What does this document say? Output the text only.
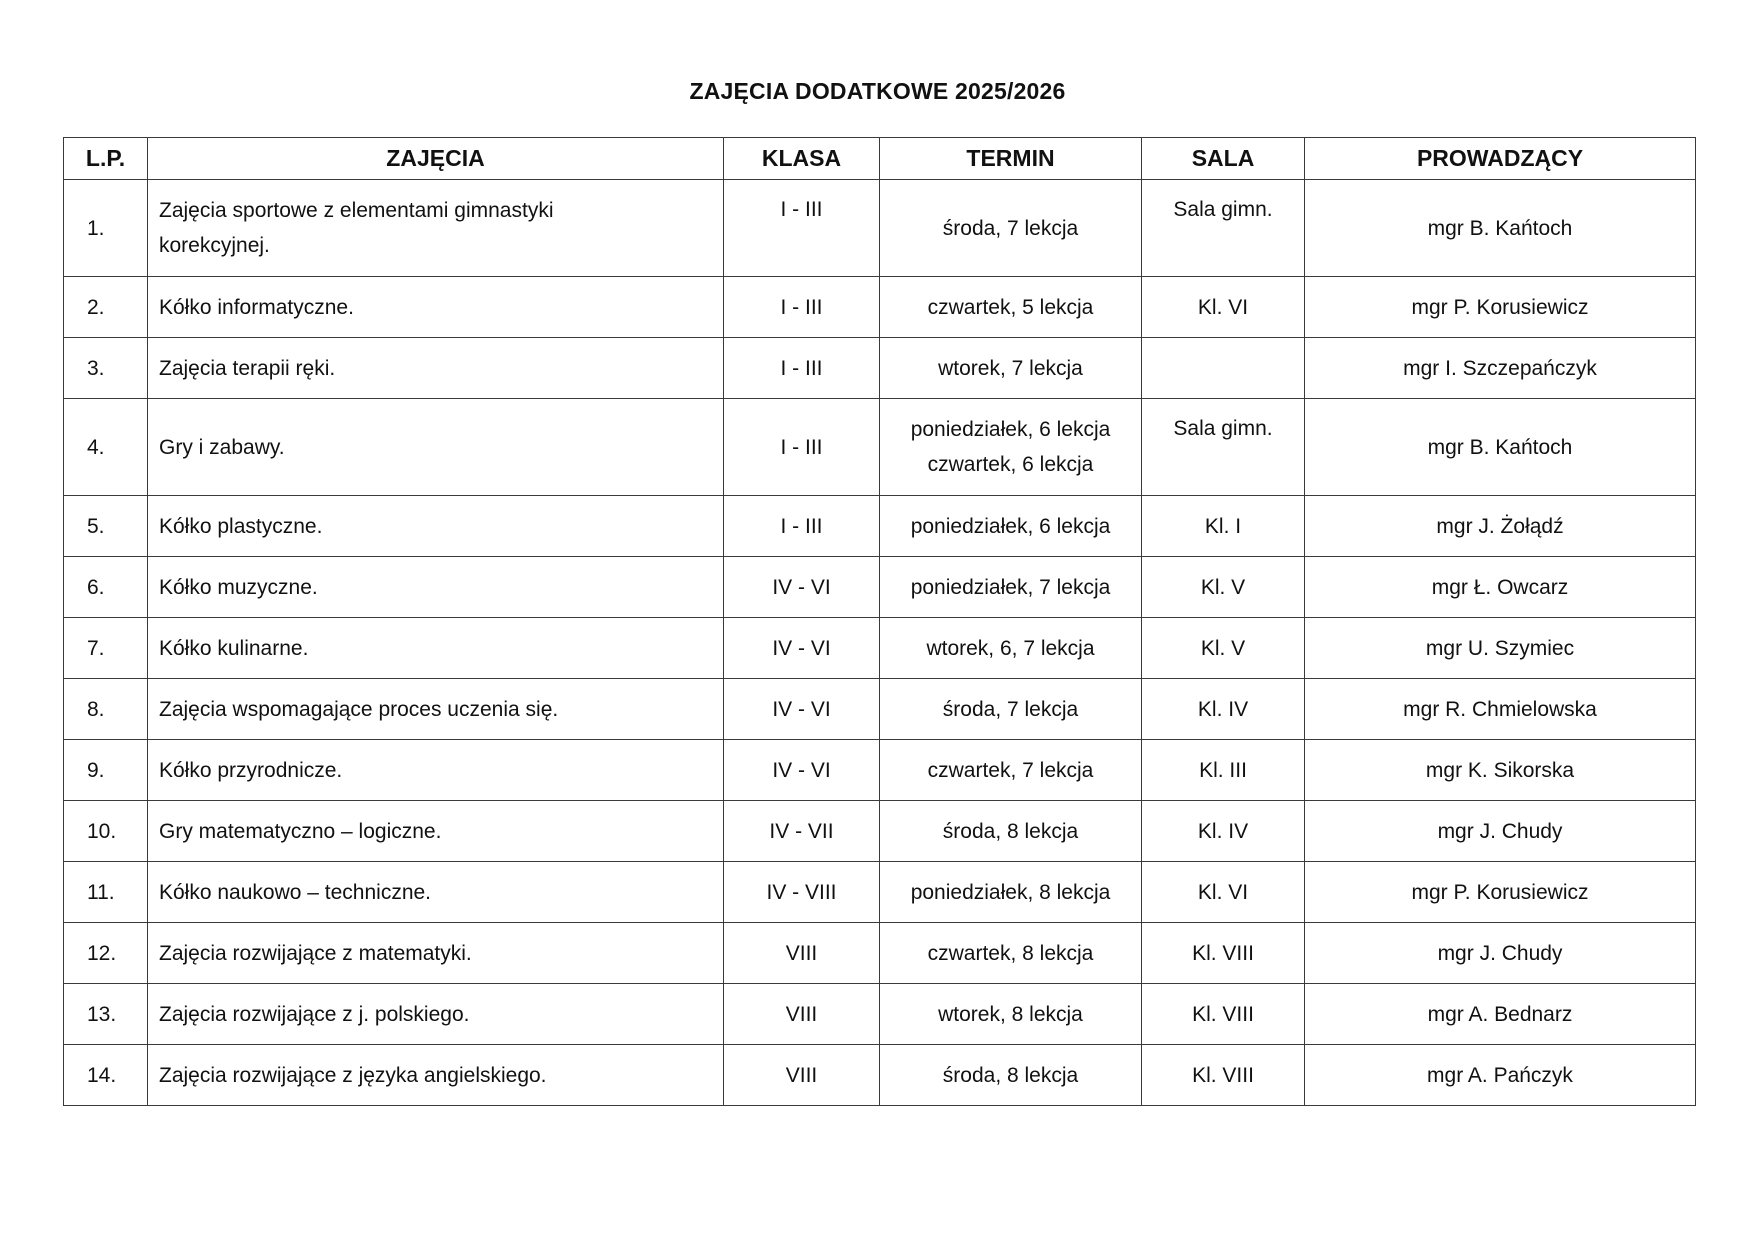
ZAJĘCIA DODATKOWE 2025/2026
L.P.	ZAJĘCIA	KLASA	TERMIN	SALA	PROWADZĄCY
1.	Zajęcia sportowe z elementami gimnastyki
korekcyjnej.	I - III	środa, 7 lekcja	Sala gimn.	mgr B. Kańtoch
2.	Kółko informatyczne.	I - III	czwartek, 5 lekcja	Kl. VI	mgr P. Korusiewicz
3.	Zajęcia terapii ręki.	I - III	wtorek, 7 lekcja		mgr I. Szczepańczyk
4.	Gry i zabawy.	I - III	poniedziałek, 6 lekcja
czwartek, 6 lekcja	Sala gimn.	mgr B. Kańtoch
5.	Kółko plastyczne.	I - III	poniedziałek, 6 lekcja	Kl. I	mgr J. Żołądź
6.	Kółko muzyczne.	IV - VI	poniedziałek, 7 lekcja	Kl. V	mgr Ł. Owcarz
7.	Kółko kulinarne.	IV - VI	wtorek, 6, 7 lekcja	Kl. V	mgr U. Szymiec
8.	Zajęcia wspomagające proces uczenia się.	IV - VI	środa, 7 lekcja	Kl. IV	mgr R. Chmielowska
9.	Kółko przyrodnicze.	IV - VI	czwartek, 7 lekcja	Kl. III	mgr K. Sikorska
10.	Gry matematyczno – logiczne.	IV - VII	środa, 8 lekcja	Kl. IV	mgr J. Chudy
11.	Kółko naukowo – techniczne.	IV - VIII	poniedziałek, 8 lekcja	Kl. VI	mgr P. Korusiewicz
12.	Zajęcia rozwijające z matematyki.	VIII	czwartek, 8 lekcja	Kl. VIII	mgr J. Chudy
13.	Zajęcia rozwijające z j. polskiego.	VIII	wtorek, 8 lekcja	Kl. VIII	mgr A. Bednarz
14.	Zajęcia rozwijające z języka angielskiego.	VIII	środa, 8 lekcja	Kl. VIII	mgr A. Pańczyk
